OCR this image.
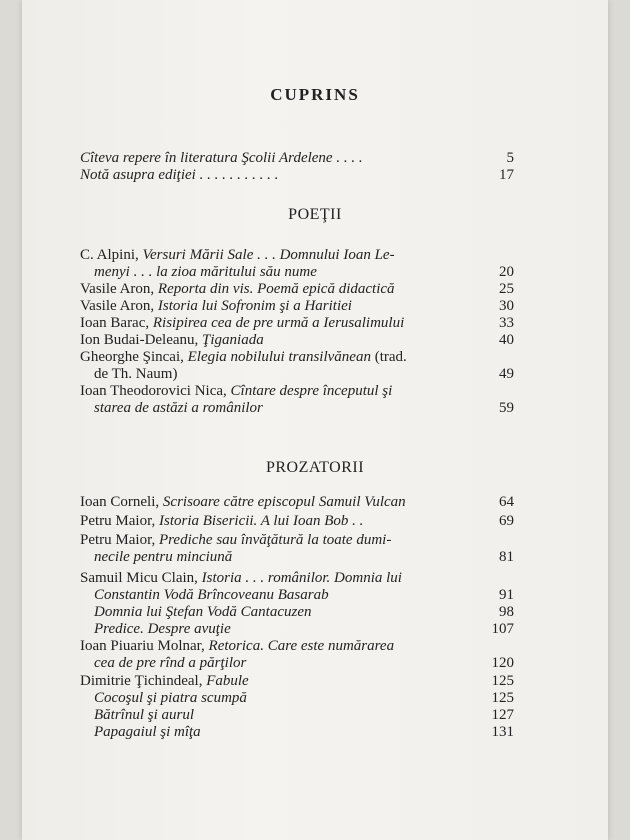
CUPRINS
Cîteva repere în literatura Şcolii Ardelene . . . .	5
Notă asupra ediţiei . . . . . . . . . . .	17
POEŢII
C. Alpini, Versuri Mării Sale . . . Domnului Ioan Le-
menyi . . . la zioa măritului său nume	20
Vasile Aron, Reporta din vis. Poemă epică didactică	25
Vasile Aron, Istoria lui Sofronim şi a Haritiei	30
Ioan Barac, Risipirea cea de pre urmă a Ierusalimului	33
Ion Budai-Deleanu, Ţiganiada	40
Gheorghe Şincai, Elegia nobilului transilvănean (trad.
de Th. Naum)	49
Ioan Theodorovici Nica, Cîntare despre începutul şi
starea de astăzi a românilor	59
PROZATORII
Ioan Corneli, Scrisoare către episcopul Samuil Vulcan	64
Petru Maior, Istoria Bisericii. A lui Ioan Bob . .	69
Petru Maior, Prediche sau învăţătură la toate dumi-
necile pentru minciună	81
Samuil Micu Clain, Istoria . . . românilor. Domnia lui
Constantin Vodă Brîncoveanu Basarab	91
Domnia lui Ştefan Vodă Cantacuzen	98
Predice. Despre avuţie	107
Ioan Piuariu Molnar, Retorica. Care este numărarea
cea de pre rînd a părţilor	120
Dimitrie Ţichindeal, Fabule	125
Cocoşul şi piatra scumpă	125
Bătrînul şi aurul	127
Papagaiul şi mîţa	131
